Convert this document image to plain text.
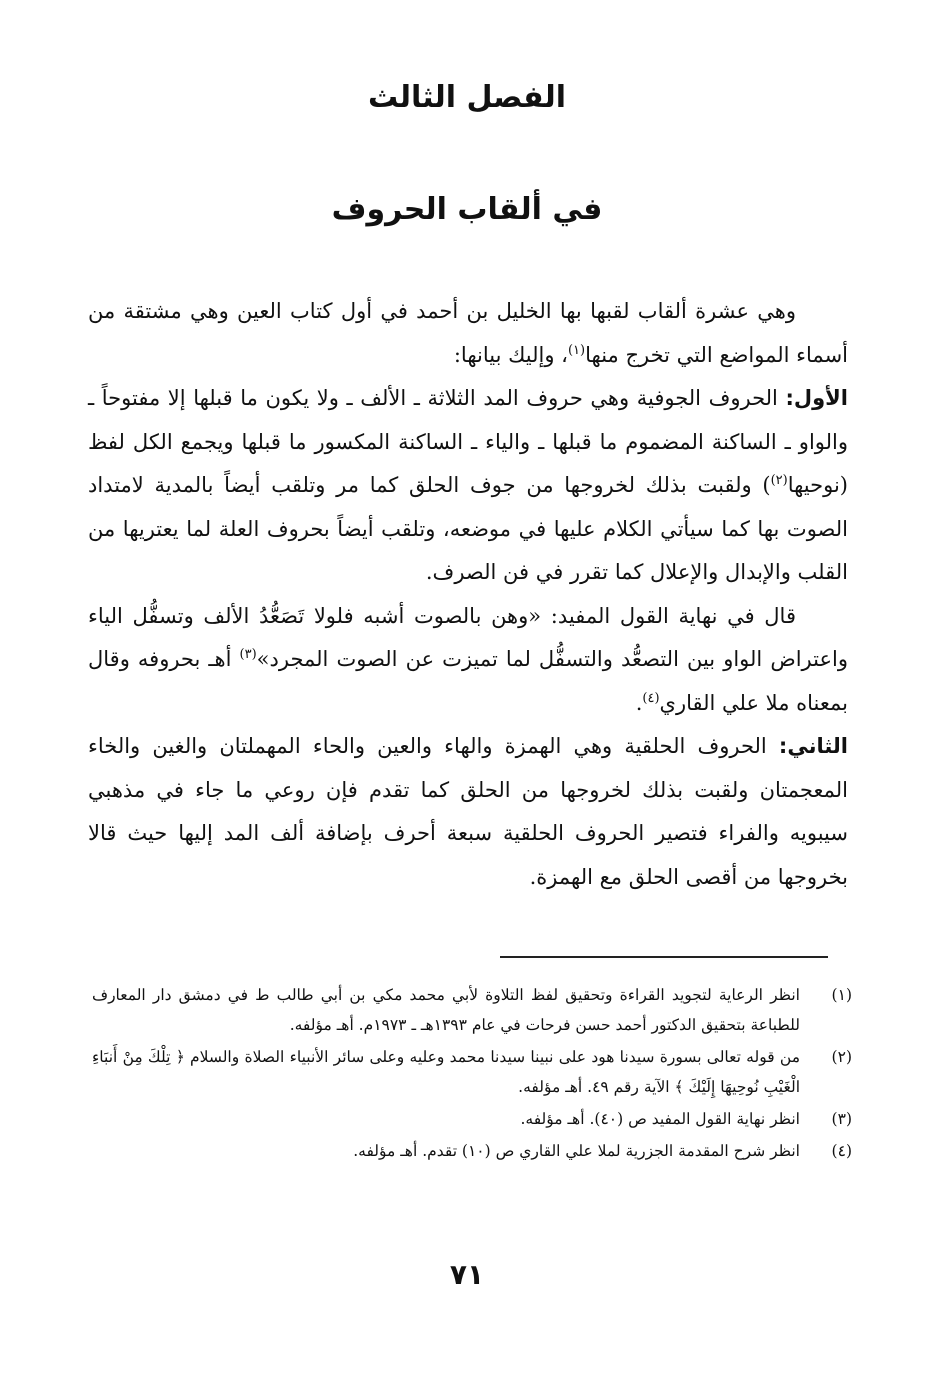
الفصل الثالث
في ألقاب الحروف

وهي عشرة ألقاب لقبها بها الخليل بن أحمد في أول كتاب العين وهي مشتقة من أسماء المواضع التي تخرج منها$^{(١)}$، وإليك بيانها:

الأول: الحروف الجوفية وهي حروف المد الثلاثة ـ الألف ـ ولا يكون ما قبلها إلا مفتوحاً ـ والواو ـ الساكنة المضموم ما قبلها ـ والياء ـ الساكنة المكسور ما قبلها ويجمع الكل لفظ (نوحيها$^{(٢)}$) ولقبت بذلك لخروجها من جوف الحلق كما مر وتلقب أيضاً بالمدية لامتداد الصوت بها كما سيأتي الكلام عليها في موضعه، وتلقب أيضاً بحروف العلة لما يعتريها من القلب والإبدال والإعلال كما تقرر في فن الصرف.

قال في نهاية القول المفيد: «وهن بالصوت أشبه فلولا تَصَعُّدُ الألف وتسفُّل الياء واعتراض الواو بين التصعُّد والتسفُّل لما تميزت عن الصوت المجرد»$^{(٣)}$ أهـ بحروفه وقال بمعناه ملا علي القاري$^{(٤)}$.

الثاني: الحروف الحلقية وهي الهمزة والهاء والعين والحاء المهملتان والغين والخاء المعجمتان ولقبت بذلك لخروجها من الحلق كما تقدم فإن روعي ما جاء في مذهبي سيبويه والفراء فتصير الحروف الحلقية سبعة أحرف بإضافة ألف المد إليها حيث قالا بخروجها من أقصى الحلق مع الهمزة.

(١)
انظر الرعاية لتجويد القراءة وتحقيق لفظ التلاوة لأبي محمد مكي بن أبي طالب ط في دمشق دار المعارف للطباعة بتحقيق الدكتور أحمد حسن فرحات في عام ١٣٩٣هـ ـ ١٩٧٣م. أهـ مؤلفه.
(٢)
من قوله تعالى بسورة سيدنا هود على نبينا سيدنا محمد وعليه وعلى سائر الأنبياء الصلاة والسلام ﴿ تِلْكَ مِنْ أَنبَاءِ الْغَيْبِ نُوحِيهَا إِلَيْكَ ﴾ الآية رقم ٤٩. أهـ مؤلفه.
(٣)
انظر نهاية القول المفيد ص (٤٠). أهـ مؤلفه.
(٤)
انظر شرح المقدمة الجزرية لملا علي القاري ص (١٠) تقدم. أهـ مؤلفه.
٧١
